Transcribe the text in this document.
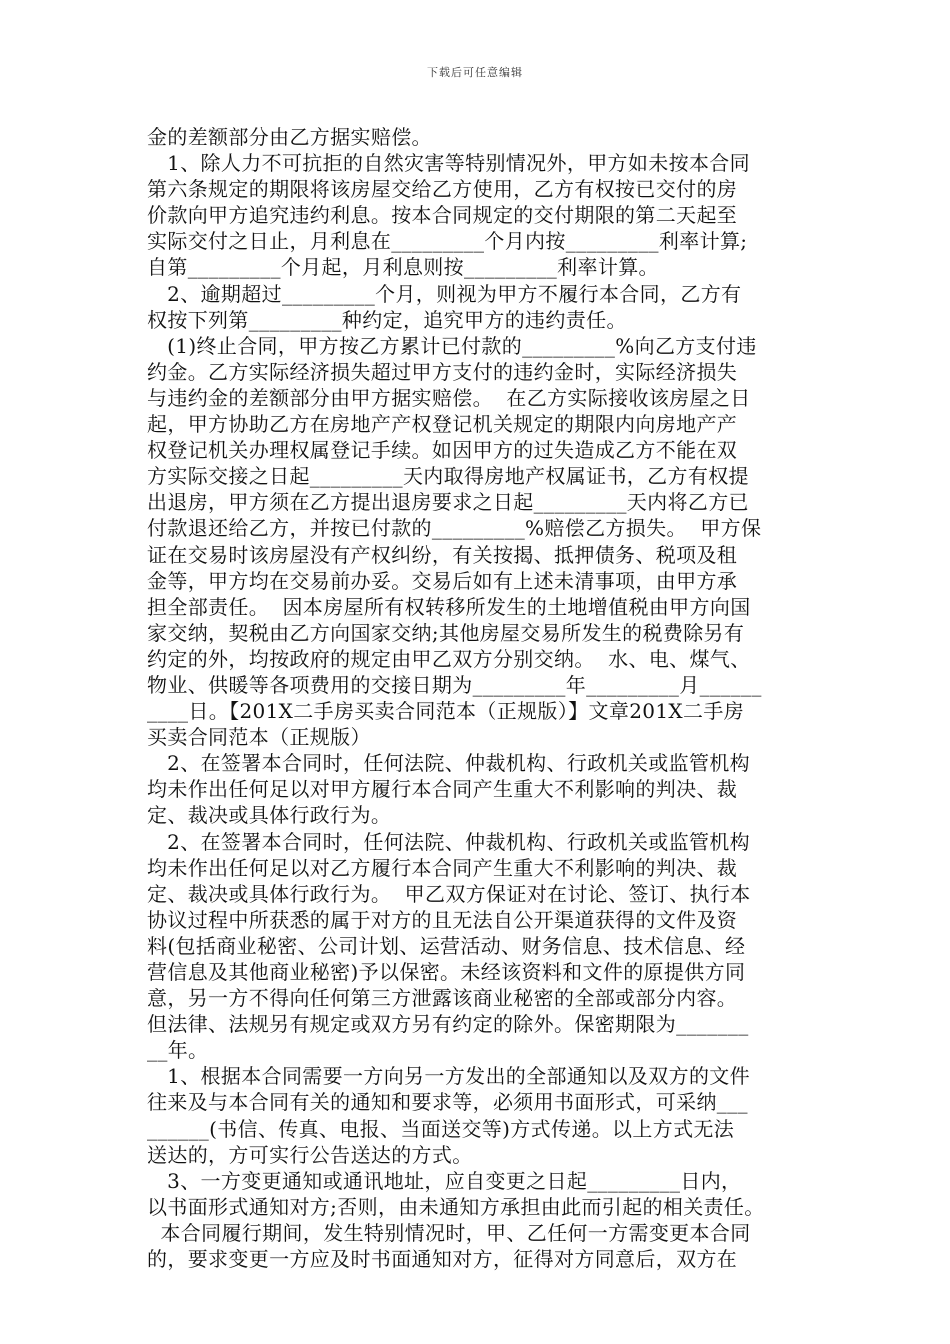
下载后可任意编辑
金的差额部分由乙方据实赔偿。
1、除人力不可抗拒的自然灾害等特别情况外，甲方如未按本合同
第六条规定的期限将该房屋交给乙方使用，乙方有权按已交付的房
价款向甲方追究违约利息。按本合同规定的交付期限的第二天起至
实际交付之日止，月利息在_________个月内按_________利率计算;
自第_________个月起，月利息则按_________利率计算。
2、逾期超过_________个月，则视为甲方不履行本合同，乙方有
权按下列第_________种约定，追究甲方的违约责任。
(1)终止合同，甲方按乙方累计已付款的_________%向乙方支付违
约金。乙方实际经济损失超过甲方支付的违约金时，实际经济损失
与违约金的差额部分由甲方据实赔偿。  在乙方实际接收该房屋之日
起，甲方协助乙方在房地产产权登记机关规定的期限内向房地产产
权登记机关办理权属登记手续。如因甲方的过失造成乙方不能在双
方实际交接之日起_________天内取得房地产权属证书，乙方有权提
出退房，甲方须在乙方提出退房要求之日起_________天内将乙方已
付款退还给乙方，并按已付款的_________%赔偿乙方损失。  甲方保
证在交易时该房屋没有产权纠纷，有关按揭、抵押债务、税项及租
金等，甲方均在交易前办妥。交易后如有上述未清事项，由甲方承
担全部责任。  因本房屋所有权转移所发生的土地增值税由甲方向国
家交纳，契税由乙方向国家交纳;其他房屋交易所发生的税费除另有
约定的外，均按政府的规定由甲乙双方分别交纳。  水、电、煤气、
物业、供暖等各项费用的交接日期为_________年_________月______
____日。【201X二手房买卖合同范本（正规版）】文章201X二手房
买卖合同范本（正规版）
2、在签署本合同时，任何法院、仲裁机构、行政机关或监管机构
均未作出任何足以对甲方履行本合同产生重大不利影响的判决、裁
定、裁决或具体行政行为。
2、在签署本合同时，任何法院、仲裁机构、行政机关或监管机构
均未作出任何足以对乙方履行本合同产生重大不利影响的判决、裁
定、裁决或具体行政行为。  甲乙双方保证对在讨论、签订、执行本
协议过程中所获悉的属于对方的且无法自公开渠道获得的文件及资
料(包括商业秘密、公司计划、运营活动、财务信息、技术信息、经
营信息及其他商业秘密)予以保密。未经该资料和文件的原提供方同
意，另一方不得向任何第三方泄露该商业秘密的全部或部分内容。
但法律、法规另有规定或双方另有约定的除外。保密期限为_______
__年。
1、根据本合同需要一方向另一方发出的全部通知以及双方的文件
往来及与本合同有关的通知和要求等，必须用书面形式，可采纳___
______(书信、传真、电报、当面送交等)方式传递。以上方式无法
送达的，方可实行公告送达的方式。
3、一方变更通知或通讯地址，应自变更之日起_________日内，
以书面形式通知对方;否则，由未通知方承担由此而引起的相关责任。
本合同履行期间，发生特别情况时，甲、乙任何一方需变更本合同
的，要求变更一方应及时书面通知对方，征得对方同意后，双方在
